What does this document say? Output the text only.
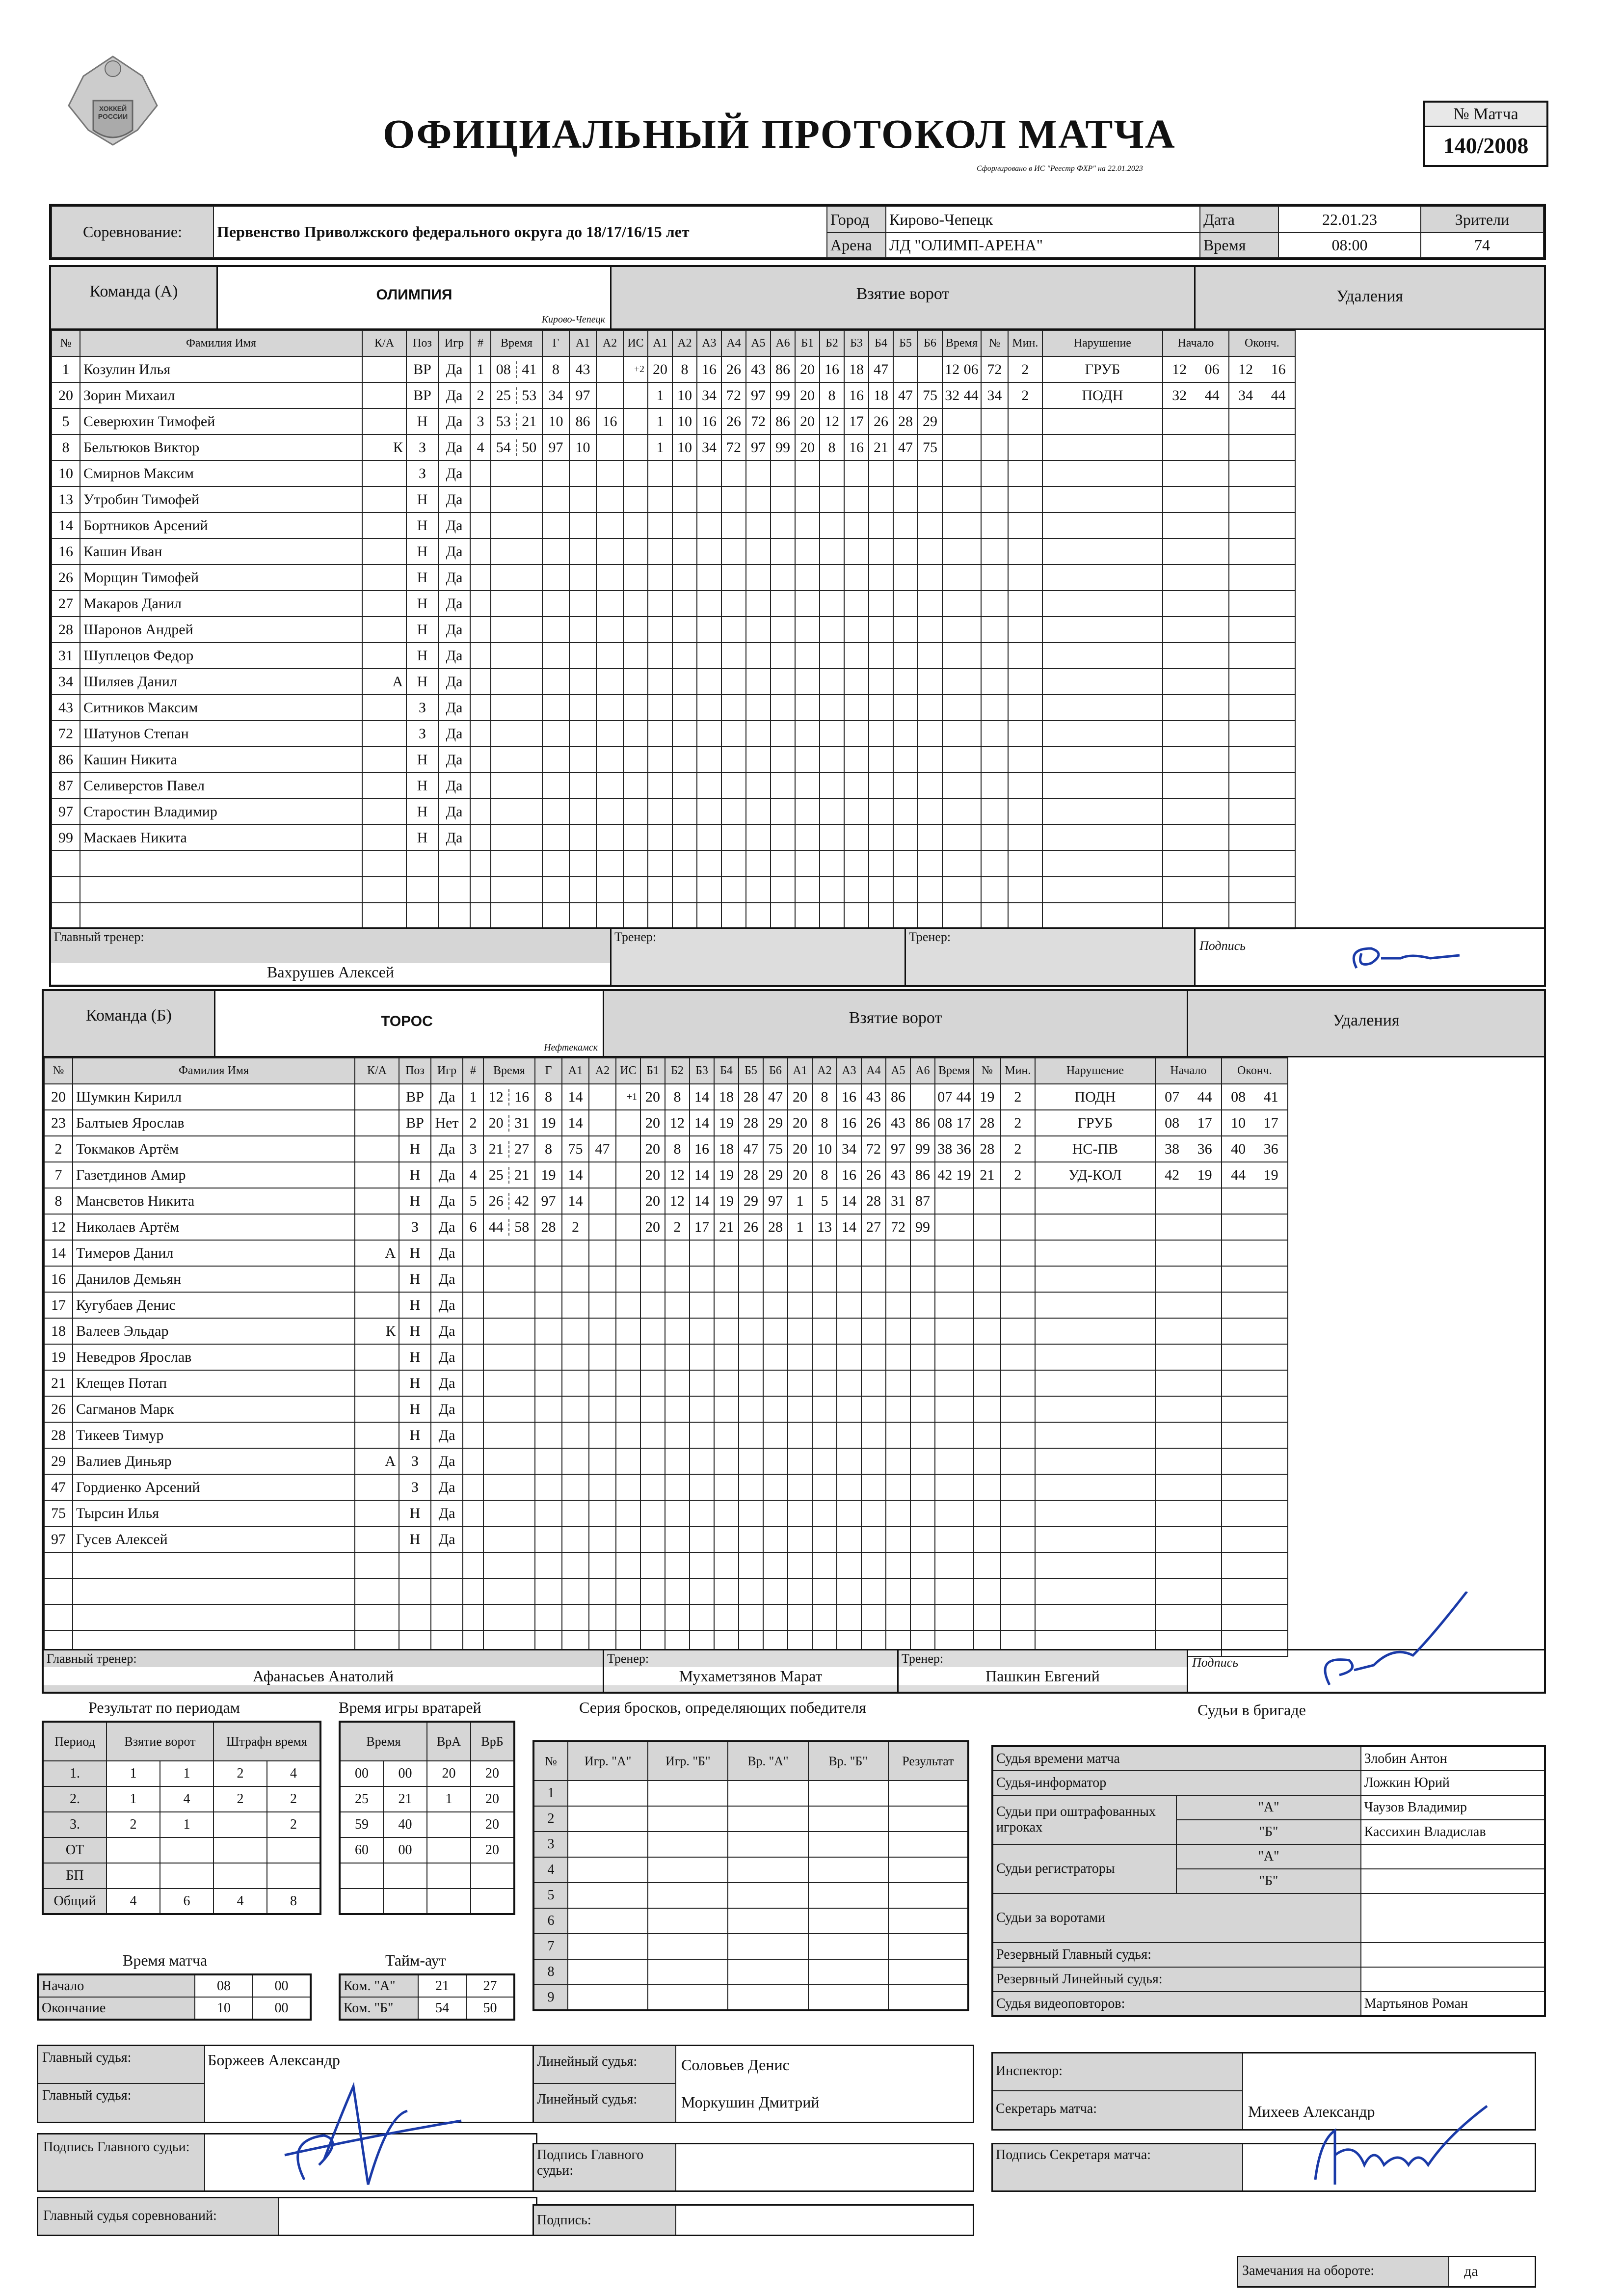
ХОККЕЙ РОССИИ	ОФИЦИАЛЬНЫЙ ПРОТОКОЛ МАТЧА
Сформировано в ИС "Реестр ФХР" на 22.01.2023
№ Матча
140/2008
Соревнование:	Первенство Приволжского федерального округа до 18/17/16/15 лет	Город	Кирово-Чепецк	Дата	22.01.23	Зрители
		Арена	ЛД "ОЛИМП-АРЕНА"	Время	08:00	74
Команда (А)	ОЛИМПИЯ
Кирово-Чепецк
Взятие ворот	Удаления
№	Фамилия Имя	К/А	Поз	Игр	#	Время	Г	А1	А2	ИС	А1	А2	А3	А4	А5	А6	Б1	Б2	Б3	Б4	Б5	Б6	Время	№	Мин.	Нарушение	Начало	Оконч.
1	Козулин Илья		ВР	Да	1	08 41	8	43		+2	20	8	16	26	43	86	20	16	18	47			12 06	72	2	ГРУБ	12 06	12 16
20	Зорин Михаил		ВР	Да	2	25 53	34	97			1	10	34	72	97	99	20	8	16	18	47	75	32 44	34	2	ПОДН	32 44	34 44
5	Северюхин Тимофей		Н	Да	3	53 21	10	86	16		1	10	16	26	72	86	20	12	17	26	28	29						
8	Бельтюков Виктор	К	З	Да	4	54 50	97	10			1	10	34	72	97	99	20	8	16	21	47	75						
10	Смирнов Максим		З	Да																								
13	Утробин Тимофей		Н	Да																								
14	Бортников Арсений		Н	Да																								
16	Кашин Иван		Н	Да																								
26	Морщин Тимофей		Н	Да																								
27	Макаров Данил		Н	Да																								
28	Шаронов Андрей		Н	Да																								
31	Шуплецов Федор		Н	Да																								
34	Шиляев Данил	А	Н	Да																								
43	Ситников Максим		З	Да																								
72	Шатунов Степан		З	Да																								
86	Кашин Никита		Н	Да																								
87	Селиверстов Павел		Н	Да																								
97	Старостин Владимир		Н	Да																								
99	Маскаев Никита		Н	Да																								

Главный тренер:
Вахрушев Алексей
Тренер:	Тренер:
Подпись
Команда (Б)	ТОРОС
Нефтекамск
Взятие ворот	Удаления
№	Фамилия Имя	К/А	Поз	Игр	#	Время	Г	А1	А2	ИС	Б1	Б2	Б3	Б4	Б5	Б6	А1	А2	А3	А4	А5	А6	Время	№	Мин.	Нарушение	Начало	Оконч.
20	Шумкин Кирилл		ВР	Да	1	12 16	8	14		+1	20	8	14	18	28	47	20	8	16	43	86		07 44	19	2	ПОДН	07 44	08 41
23	Балтыев Ярослав		ВР	Нет	2	20 31	19	14			20	12	14	19	28	29	20	8	16	26	43	86	08 17	28	2	ГРУБ	08 17	10 17
2	Токмаков Артём		Н	Да	3	21 27	8	75	47		20	8	16	18	47	75	20	10	34	72	97	99	38 36	28	2	НС-ПВ	38 36	40 36
7	Газетдинов Амир		Н	Да	4	25 21	19	14			20	12	14	19	28	29	20	8	16	26	43	86	42 19	21	2	УД-КОЛ	42 19	44 19
8	Мансветов Никита		Н	Да	5	26 42	97	14			20	12	14	19	29	97	1	5	14	28	31	87						
12	Николаев Артём		З	Да	6	44 58	28	2			20	2	17	21	26	28	1	13	14	27	72	99						
14	Тимеров Данил	А	Н	Да																								
16	Данилов Демьян		Н	Да																								
17	Кугубаев Денис		Н	Да																								
18	Валеев Эльдар	К	Н	Да																								
19	Неведров Ярослав		Н	Да																								
21	Клещев Потап		Н	Да																								
26	Сагманов Марк		Н	Да																								
28	Тикеев Тимур		Н	Да																								
29	Валиев Диньяр	А	З	Да																								
47	Гордиенко Арсений		З	Да																								
75	Тырсин Илья		Н	Да																								
97	Гусев Алексей		Н	Да																								

Главный тренер:
Афанасьев Анатолий
Тренер:
Мухаметзянов Марат
Тренер:
Пашкин Евгений
Подпись
Результат по периодам
Период	Взятие ворот		Штрафн время	
1.	1	1	2	4
2.	1	4	2	2
3.	2	1		2
ОТ				
БП				
Общий	4	6	4	8
Время игры вратарей
Время		ВрА	ВрБ
00	00	20	20
25	21	1	20
59	40		20
60	00		20

Серия бросков, определяющих победителя
№	Игр. "А"	Игр. "Б"	Вр. "А"	Вр. "Б"	Результат
1					
2					
3					
4					
5					
6					
7					
8					
9					
Время матча
Начало	08	00
Окончание	10	00
Тайм-аут
Ком. "А"	21	27
Ком. "Б"	54	50
Судьи в бригаде
Судья времени матча		Злобин Антон
Судья-информатор		Ложкин Юрий
Судьи при оштрафованных игроках	"А"	Чаузов Владимир
	"Б"	Кассихин Владислав
Судьи регистраторы	"А"	
	"Б"	
Судьи за воротами		
Резервный Главный судья:		
Резервный Линейный судья:		
Судья видеоповторов:		Мартьянов Роман
Главный судья:	Боржеев Александр
Главный судья:
Линейный судья:	Соловьев Денис
Линейный судья:	Моркушин Дмитрий
Инспектор:
Секретарь матча:	Михеев Александр
Подпись Главного судьи:
Подпись Главного судьи:
Подпись Секретаря матча:
Главный судья соревнований:	Подпись:
Замечания на обороте:	да
